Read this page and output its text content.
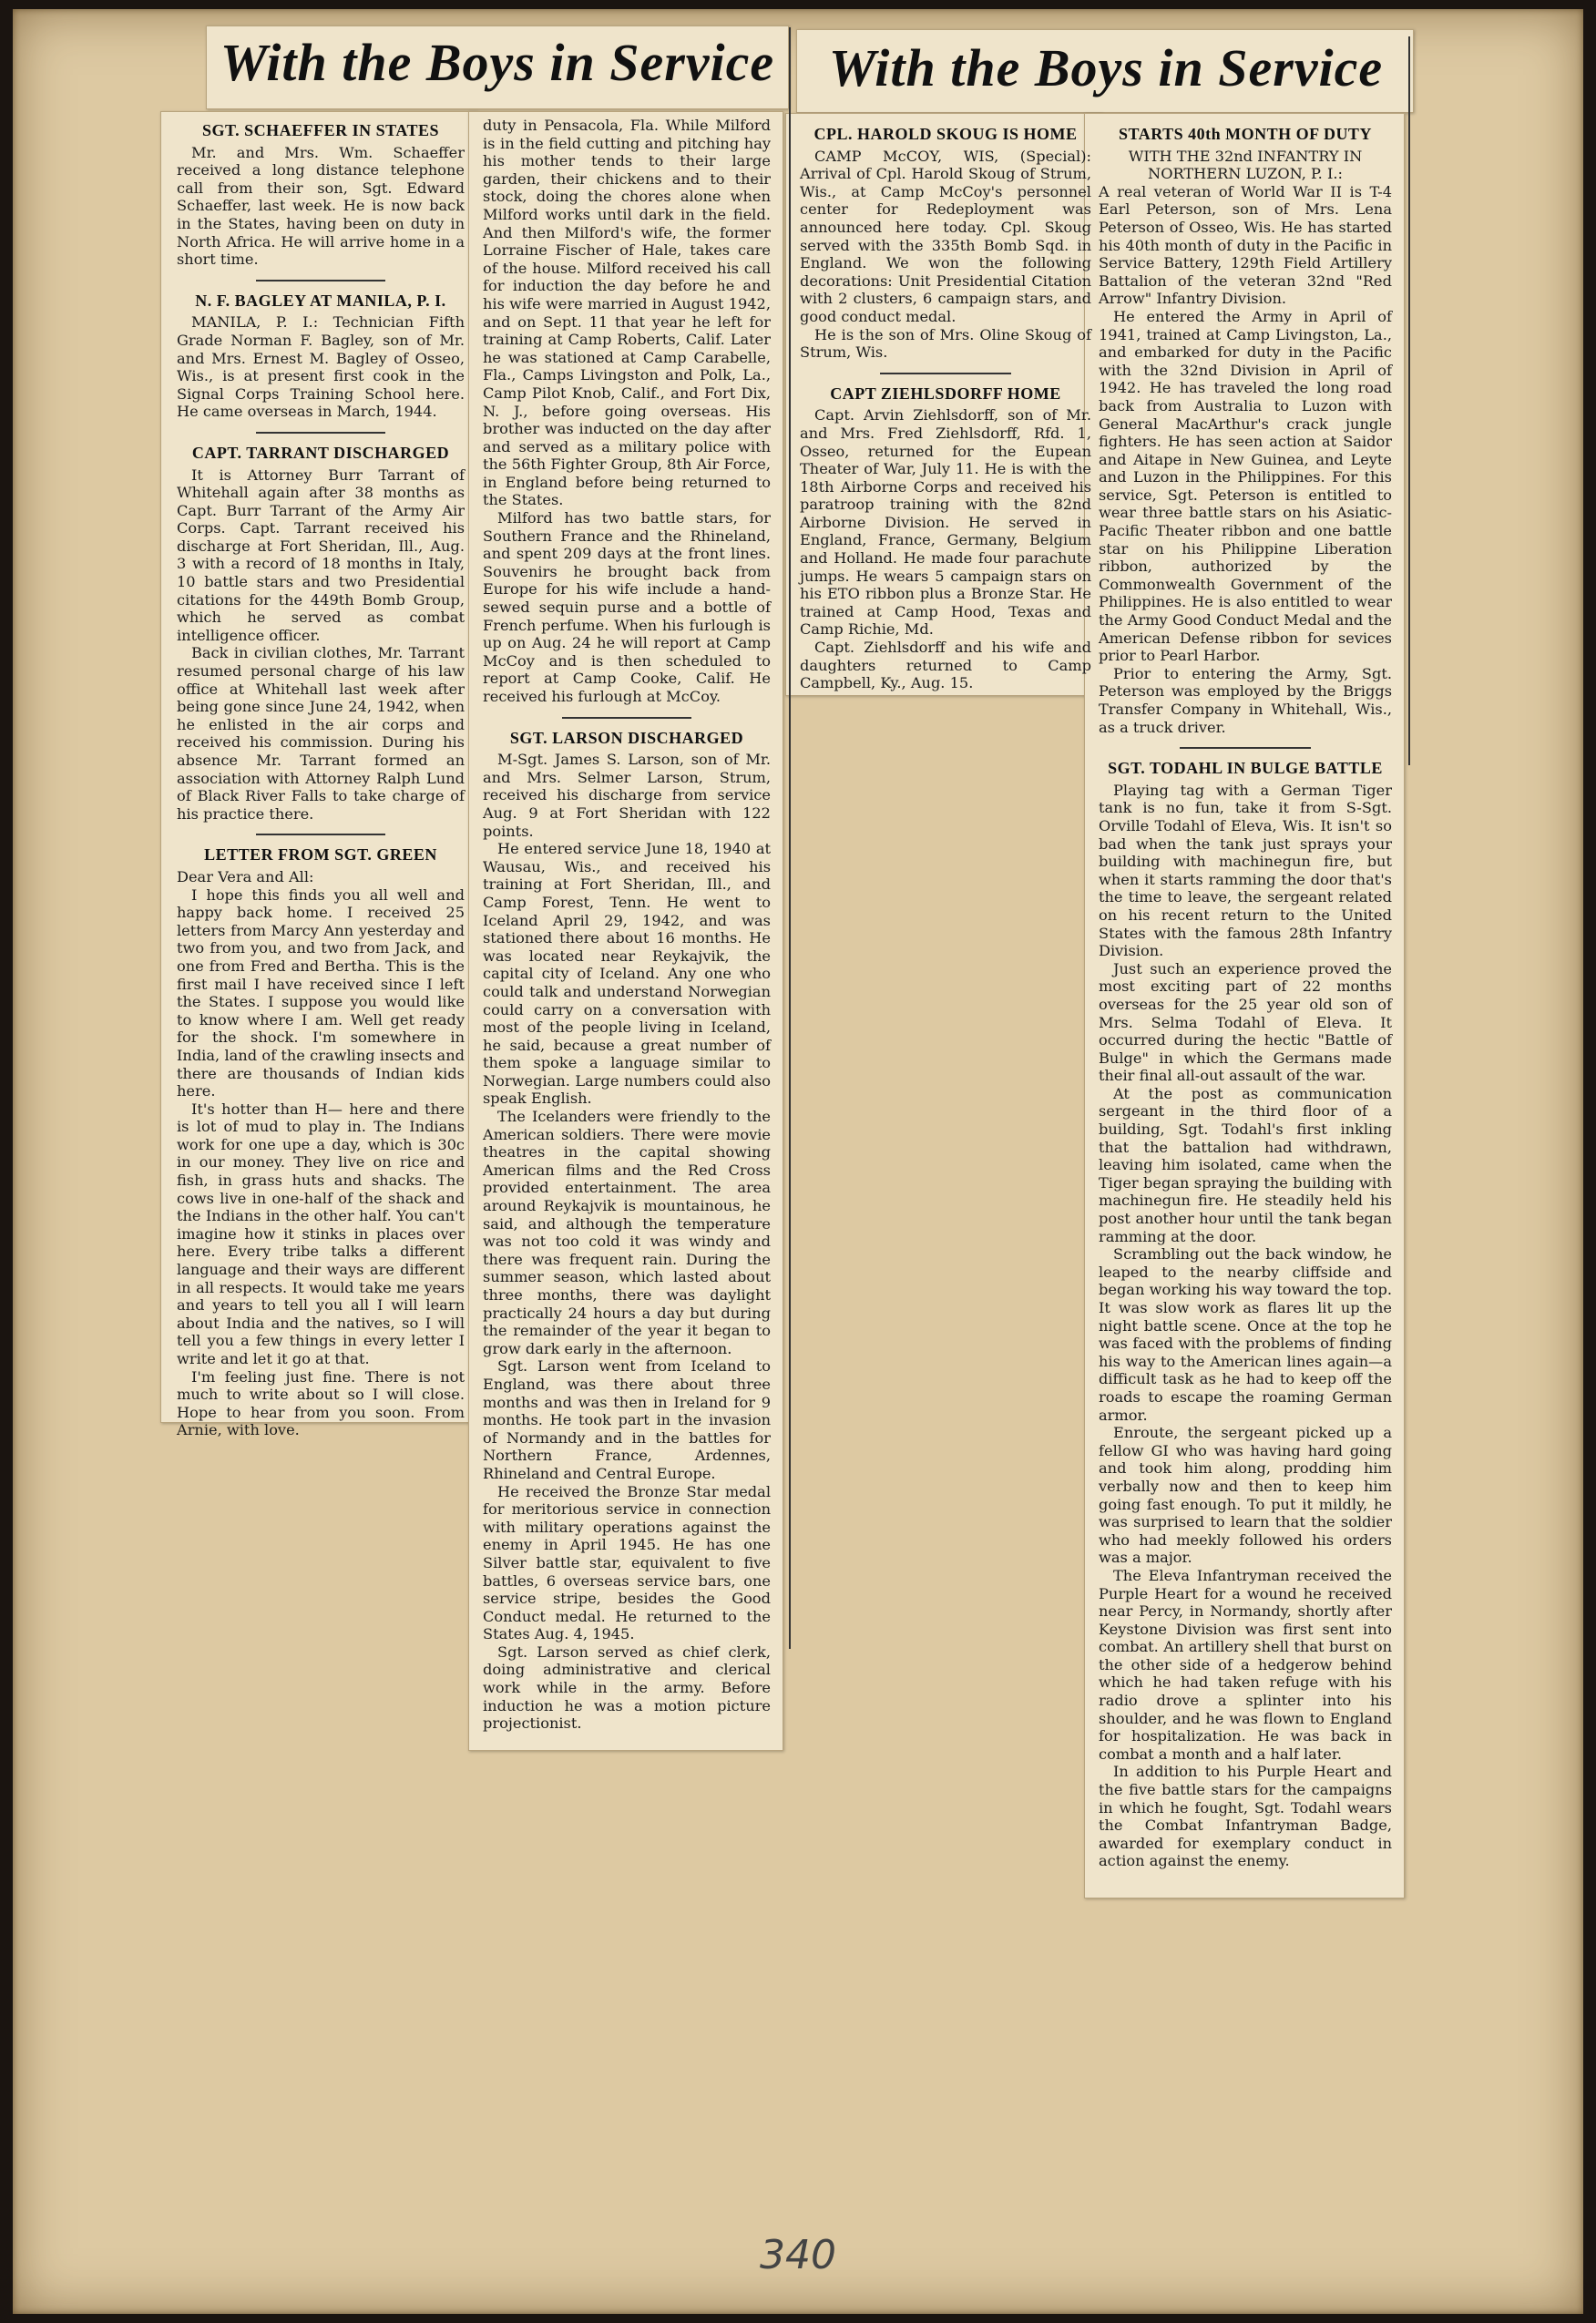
With the Boys in Service	With the Boys in Service
SGT. SCHAEFFER IN STATES

Mr. and Mrs. Wm. Schaeffer received a long distance telephone call from their son, Sgt. Edward Schaeffer, last week. He is now back in the States, having been on duty in North Africa. He will arrive home in a short time.

N. F. BAGLEY AT MANILA, P. I.

MANILA, P. I.: Technician Fifth Grade Norman F. Bagley, son of Mr. and Mrs. Ernest M. Bagley of Osseo, Wis., is at present first cook in the Signal Corps Training School here. He came overseas in March, 1944.

CAPT. TARRANT DISCHARGED

It is Attorney Burr Tarrant of Whitehall again after 38 months as Capt. Burr Tarrant of the Army Air Corps. Capt. Tarrant received his discharge at Fort Sheridan, Ill., Aug. 3 with a record of 18 months in Italy, 10 battle stars and two Presidential citations for the 449th Bomb Group, which he served as combat intelligence officer.

Back in civilian clothes, Mr. Tarrant resumed personal charge of his law office at Whitehall last week after being gone since June 24, 1942, when he enlisted in the air corps and received his commission. During his absence Mr. Tarrant formed an association with Attorney Ralph Lund of Black River Falls to take charge of his practice there.

LETTER FROM SGT. GREEN

Dear Vera and All:

I hope this finds you all well and happy back home. I received 25 letters from Marcy Ann yesterday and two from you, and two from Jack, and one from Fred and Bertha. This is the first mail I have received since I left the States. I suppose you would like to know where I am. Well get ready for the shock. I'm somewhere in India, land of the crawling insects and there are thousands of Indian kids here.

It's hotter than H— here and there is lot of mud to play in. The Indians work for one upe a day, which is 30c in our money. They live on rice and fish, in grass huts and shacks. The cows live in one-half of the shack and the Indians in the other half. You can't imagine how it stinks in places over here. Every tribe talks a different language and their ways are different in all respects. It would take me years and years to tell you all I will learn about India and the natives, so I will tell you a few things in every letter I write and let it go at that.

I'm feeling just fine. There is not much to write about so I will close. Hope to hear from you soon. From Arnie, with love.

duty in Pensacola, Fla. While Milford is in the field cutting and pitching hay his mother tends to their large garden, their chickens and to their stock, doing the chores alone when Milford works until dark in the field. And then Milford's wife, the former Lorraine Fischer of Hale, takes care of the house. Milford received his call for induction the day before he and his wife were married in August 1942, and on Sept. 11 that year he left for training at Camp Roberts, Calif. Later he was stationed at Camp Carabelle, Fla., Camps Livingston and Polk, La., Camp Pilot Knob, Calif., and Fort Dix, N. J., before going overseas. His brother was inducted on the day after and served as a military police with the 56th Fighter Group, 8th Air Force, in England before being returned to the States.

Milford has two battle stars, for Southern France and the Rhineland, and spent 209 days at the front lines. Souvenirs he brought back from Europe for his wife include a hand-sewed sequin purse and a bottle of French perfume. When his furlough is up on Aug. 24 he will report at Camp McCoy and is then scheduled to report at Camp Cooke, Calif. He received his furlough at McCoy.

SGT. LARSON DISCHARGED

M-Sgt. James S. Larson, son of Mr. and Mrs. Selmer Larson, Strum, received his discharge from service Aug. 9 at Fort Sheridan with 122 points.

He entered service June 18, 1940 at Wausau, Wis., and received his training at Fort Sheridan, Ill., and Camp Forest, Tenn. He went to Iceland April 29, 1942, and was stationed there about 16 months. He was located near Reykajvik, the capital city of Iceland. Any one who could talk and understand Norwegian could carry on a conversation with most of the people living in Iceland, he said, because a great number of them spoke a language similar to Norwegian. Large numbers could also speak English.

The Icelanders were friendly to the American soldiers. There were movie theatres in the capital showing American films and the Red Cross provided entertainment. The area around Reykajvik is mountainous, he said, and although the temperature was not too cold it was windy and there was frequent rain. During the summer season, which lasted about three months, there was daylight practically 24 hours a day but during the remainder of the year it began to grow dark early in the afternoon.

Sgt. Larson went from Iceland to England, was there about three months and was then in Ireland for 9 months. He took part in the invasion of Normandy and in the battles for Northern France, Ardennes, Rhineland and Central Europe.

He received the Bronze Star medal for meritorious service in connection with military operations against the enemy in April 1945. He has one Silver battle star, equivalent to five battles, 6 overseas service bars, one service stripe, besides the Good Conduct medal. He returned to the States Aug. 4, 1945.

Sgt. Larson served as chief clerk, doing administrative and clerical work while in the army. Before induction he was a motion picture projectionist.

CPL. HAROLD SKOUG IS HOME

CAMP McCOY, WIS, (Special): Arrival of Cpl. Harold Skoug of Strum, Wis., at Camp McCoy's personnel center for Redeployment was announced here today. Cpl. Skoug served with the 335th Bomb Sqd. in England. We won the following decorations: Unit Presidential Citation with 2 clusters, 6 campaign stars, and good conduct medal.

He is the son of Mrs. Oline Skoug of Strum, Wis.

CAPT ZIEHLSDORFF HOME

Capt. Arvin Ziehlsdorff, son of Mr. and Mrs. Fred Ziehlsdorff, Rfd. 1, Osseo, returned for the Eupean Theater of War, July 11. He is with the 18th Airborne Corps and received his paratroop training with the 82nd Airborne Division. He served in England, France, Germany, Belgium and Holland. He made four parachute jumps. He wears 5 campaign stars on his ETO ribbon plus a Bronze Star. He trained at Camp Hood, Texas and Camp Richie, Md.

Capt. Ziehlsdorff and his wife and daughters returned to Camp Campbell, Ky., Aug. 15.

STARTS 40th MONTH OF DUTY

WITH THE 32nd INFANTRY IN NORTHERN LUZON, P. I.:

A real veteran of World War II is T-4 Earl Peterson, son of Mrs. Lena Peterson of Osseo, Wis. He has started his 40th month of duty in the Pacific in Service Battery, 129th Field Artillery Battalion of the veteran 32nd "Red Arrow" Infantry Division.

He entered the Army in April of 1941, trained at Camp Livingston, La., and embarked for duty in the Pacific with the 32nd Division in April of 1942. He has traveled the long road back from Australia to Luzon with General MacArthur's crack jungle fighters. He has seen action at Saidor and Aitape in New Guinea, and Leyte and Luzon in the Philippines. For this service, Sgt. Peterson is entitled to wear three battle stars on his Asiatic-Pacific Theater ribbon and one battle star on his Philippine Liberation ribbon, authorized by the Commonwealth Government of the Philippines. He is also entitled to wear the Army Good Conduct Medal and the American Defense ribbon for sevices prior to Pearl Harbor.

Prior to entering the Army, Sgt. Peterson was employed by the Briggs Transfer Company in Whitehall, Wis., as a truck driver.

SGT. TODAHL IN BULGE BATTLE

Playing tag with a German Tiger tank is no fun, take it from S-Sgt. Orville Todahl of Eleva, Wis. It isn't so bad when the tank just sprays your building with machinegun fire, but when it starts ramming the door that's the time to leave, the sergeant related on his recent return to the United States with the famous 28th Infantry Division.

Just such an experience proved the most exciting part of 22 months overseas for the 25 year old son of Mrs. Selma Todahl of Eleva. It occurred during the hectic "Battle of Bulge" in which the Germans made their final all-out assault of the war.

At the post as communication sergeant in the third floor of a building, Sgt. Todahl's first inkling that the battalion had withdrawn, leaving him isolated, came when the Tiger began spraying the building with machinegun fire. He steadily held his post another hour until the tank began ramming at the door.

Scrambling out the back window, he leaped to the nearby cliffside and began working his way toward the top. It was slow work as flares lit up the night battle scene. Once at the top he was faced with the problems of finding his way to the American lines again—a difficult task as he had to keep off the roads to escape the roaming German armor.

Enroute, the sergeant picked up a fellow GI who was having hard going and took him along, prodding him verbally now and then to keep him going fast enough. To put it mildly, he was surprised to learn that the soldier who had meekly followed his orders was a major.

The Eleva Infantryman received the Purple Heart for a wound he received near Percy, in Normandy, shortly after Keystone Division was first sent into combat. An artillery shell that burst on the other side of a hedgerow behind which he had taken refuge with his radio drove a splinter into his shoulder, and he was flown to England for hospitalization. He was back in combat a month and a half later.

In addition to his Purple Heart and the five battle stars for the campaigns in which he fought, Sgt. Todahl wears the Combat Infantryman Badge, awarded for exemplary conduct in action against the enemy.

340
